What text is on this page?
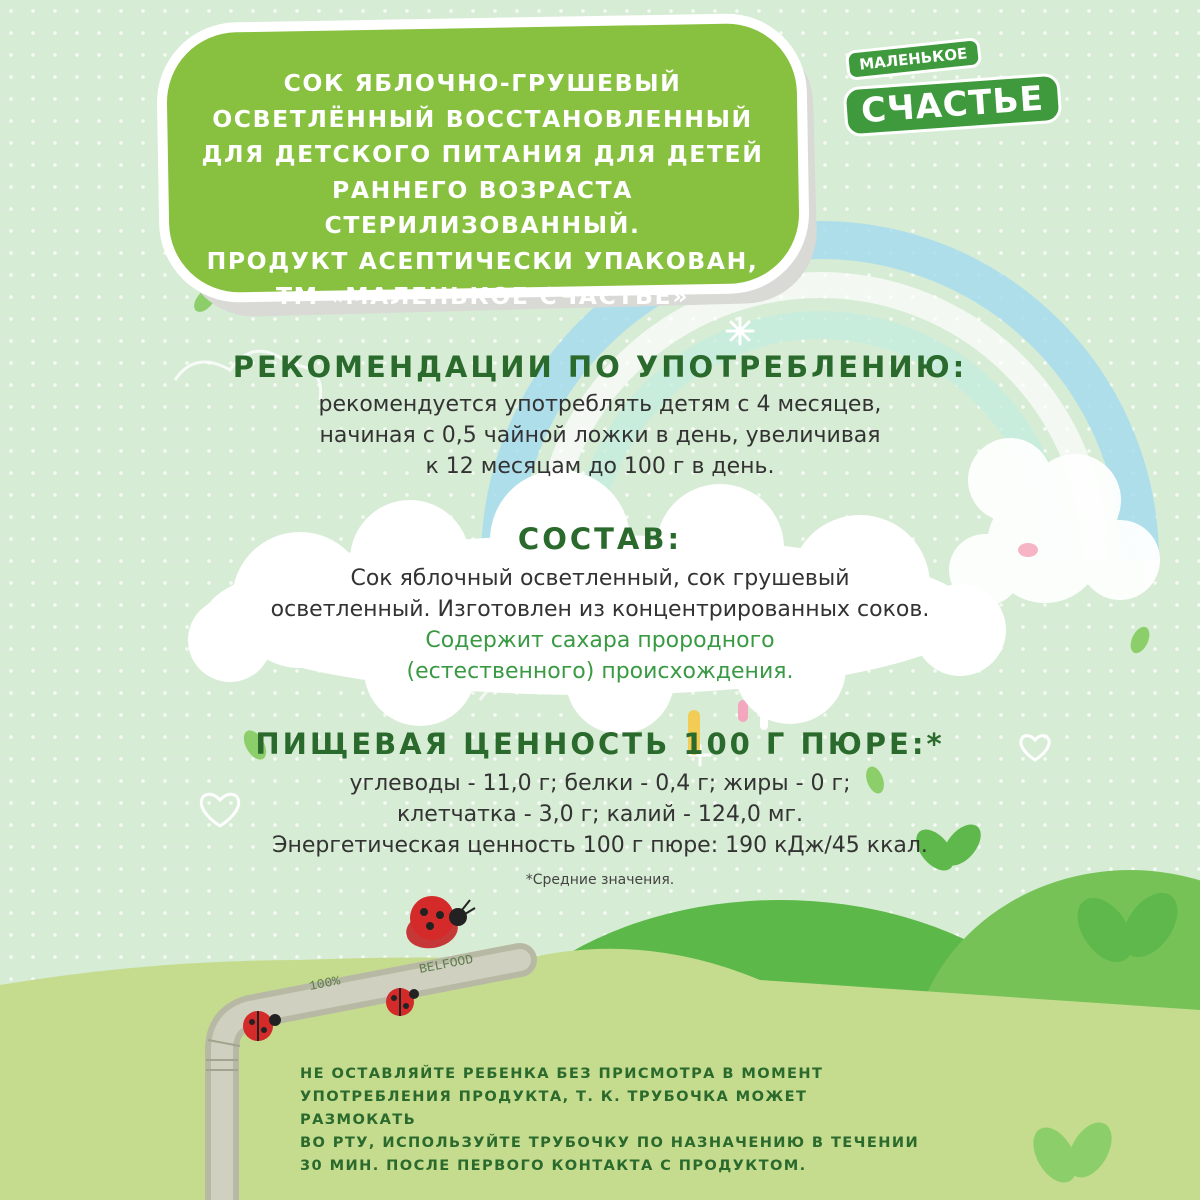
100%
BELFOOD
МАЛЕНЬКОЕ
СЧАСТЬЕ

СОК ЯБЛОЧНО-ГРУШЕВЫЙ
ОСВЕТЛЁННЫЙ ВОССТАНОВЛЕННЫЙ
ДЛЯ ДЕТСКОГО ПИТАНИЯ ДЛЯ ДЕТЕЙ
РАННЕГО ВОЗРАСТА СТЕРИЛИЗОВАННЫЙ.
ПРОДУКТ АСЕПТИЧЕСКИ УПАКОВАН,
ТМ «МАЛЕНЬКОЕ СЧАСТЬЕ»

РЕКОМЕНДАЦИИ ПО УПОТРЕБЛЕНИЮ:

рекомендуется употреблять детям с 4 месяцев,
начиная с 0,5 чайной ложки в день, увеличивая
к 12 месяцам до 100 г в день.

СОСТАВ:

Сок яблочный осветленный, сок грушевый
осветленный. Изготовлен из концентрированных соков.

Содержит сахара прородного
(естественного) происхождения.

ПИЩЕВАЯ ЦЕННОСТЬ 100 Г ПЮРЕ:*

углеводы - 11,0 г; белки - 0,4 г; жиры - 0 г;
клетчатка - 3,0 г; калий - 124,0 мг.
Энергетическая ценность 100 г пюре: 190 кДж/45 ккал.

*Средние значения.

НЕ ОСТАВЛЯЙТЕ РЕБЕНКА БЕЗ ПРИСМОТРА В МОМЕНТ
УПОТРЕБЛЕНИЯ ПРОДУКТА, Т. К. ТРУБОЧКА МОЖЕТ РАЗМОКАТЬ
ВО РТУ, ИСПОЛЬЗУЙТЕ ТРУБОЧКУ ПО НАЗНАЧЕНИЮ В ТЕЧЕНИИ
30 МИН. ПОСЛЕ ПЕРВОГО КОНТАКТА С ПРОДУКТОМ.
